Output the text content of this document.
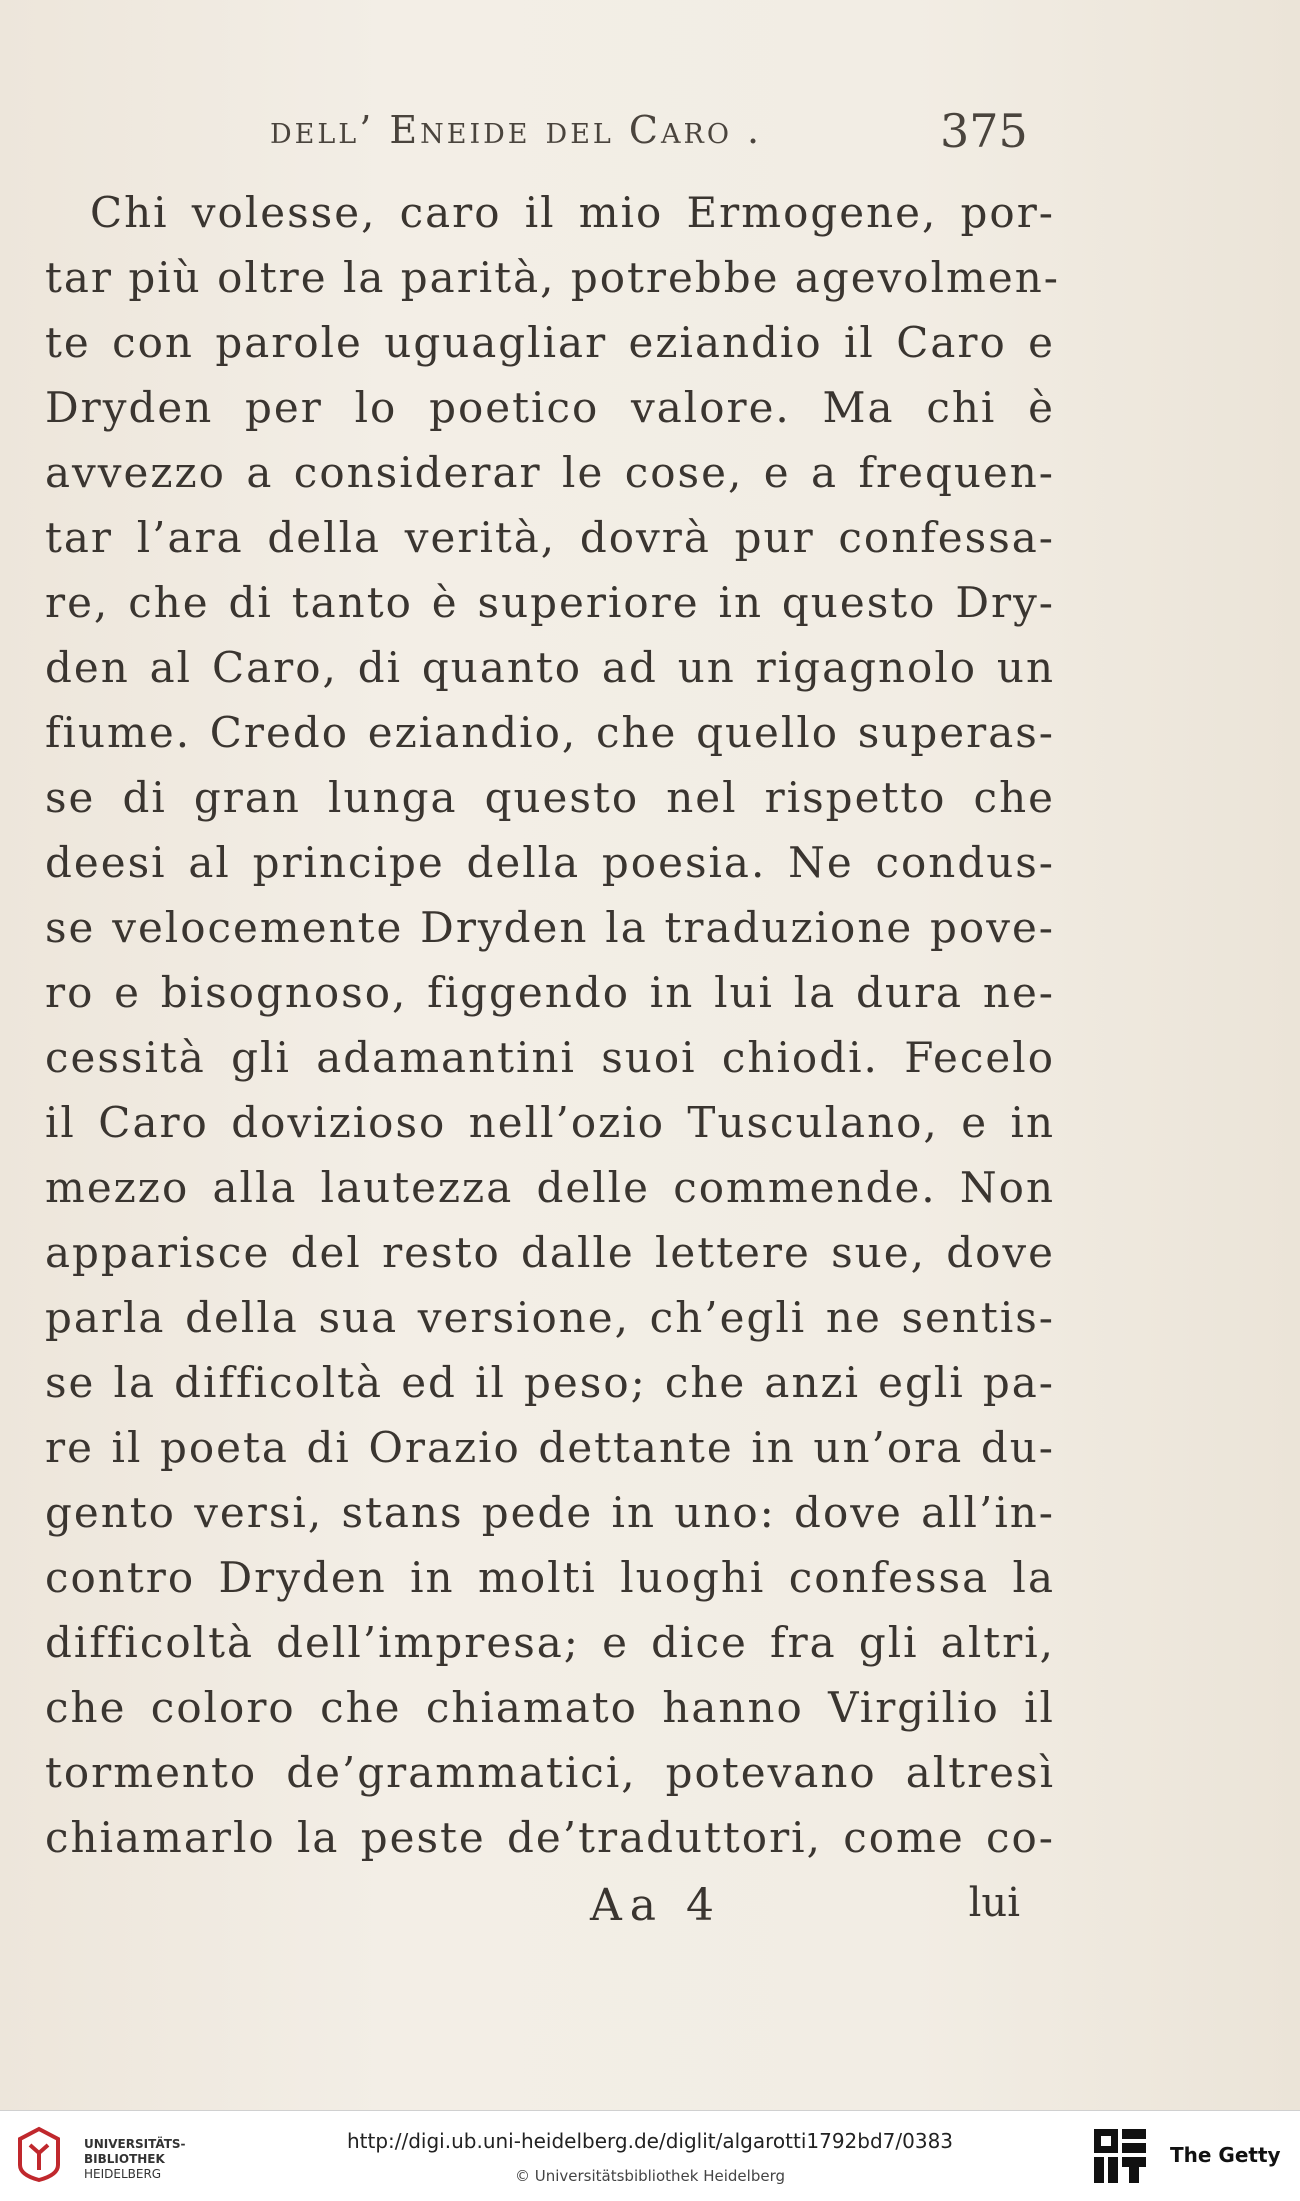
dell’ Eneide del Caro .	375
Chi volesse, caro il mio Ermogene, por-
tar più oltre la parità, potrebbe agevolmen-
te con parole uguagliar eziandio il Caro e
Dryden per lo poetico valore. Ma chi è
avvezzo a considerar le cose, e a frequen-
tar l’ara della verità, dovrà pur confessa-
re, che di tanto è superiore in questo Dry-
den al Caro, di quanto ad un rigagnolo un
fiume. Credo eziandio, che quello superas-
se di gran lunga questo nel rispetto che
deesi al principe della poesia. Ne condus-
se velocemente Dryden la traduzione pove-
ro e bisognoso, figgendo in lui la dura ne-
cessità gli adamantini suoi chiodi. Fecelo
il Caro dovizioso nell’ozio Tusculano, e in
mezzo alla lautezza delle commende. Non
apparisce del resto dalle lettere sue, dove
parla della sua versione, ch’egli ne sentis-
se la difficoltà ed il peso; che anzi egli pa-
re il poeta di Orazio dettante in un’ora du-
gento versi, stans pede in uno: dove all’in-
contro Dryden in molti luoghi confessa la
difficoltà dell’impresa; e dice fra gli altri,
che coloro che chiamato hanno Virgilio il
tormento de’grammatici, potevano altresì
chiamarlo la peste de’traduttori, come co-
Aa 4	lui
UNIVERSITÄTS-
BIBLIOTHEK
HEIDELBERG
http://digi.ub.uni-heidelberg.de/diglit/algarotti1792bd7/0383
© Universitätsbibliothek Heidelberg
The Getty
